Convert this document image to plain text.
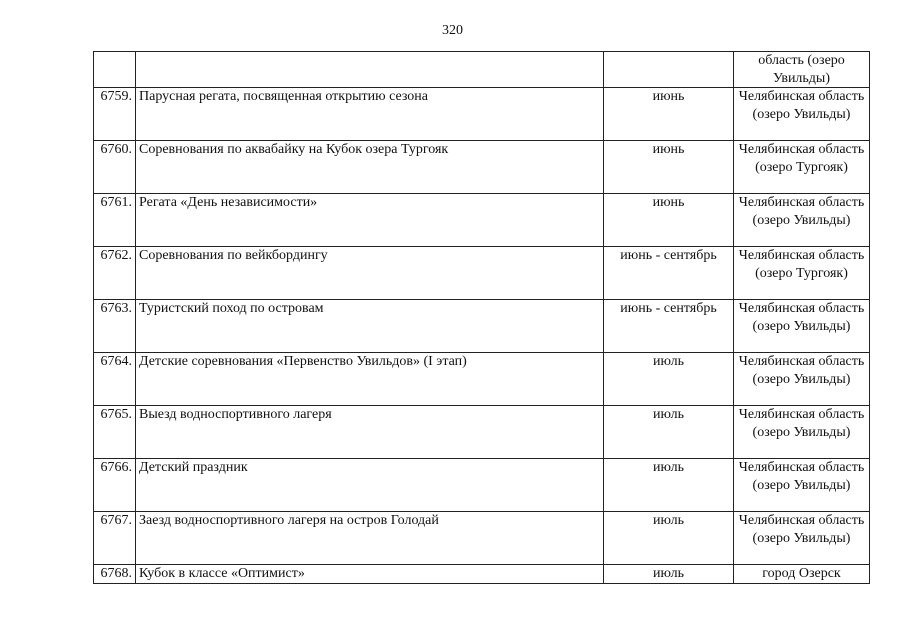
320
			область (озеро Увильды)
6759.	Парусная регата, посвященная открытию сезона	июнь	Челябинская область (озеро Увильды)
6760.	Соревнования по аквабайку на Кубок озера Тургояк	июнь	Челябинская область (озеро Тургояк)
6761.	Регата «День независимости»	июнь	Челябинская область (озеро Увильды)
6762.	Соревнования по вейкбордингу	июнь - сентябрь	Челябинская область (озеро Тургояк)
6763.	Туристский поход по островам	июнь - сентябрь	Челябинская область (озеро Увильды)
6764.	Детские соревнования «Первенство Увильдов» (I этап)	июль	Челябинская область (озеро Увильды)
6765.	Выезд водноспортивного лагеря	июль	Челябинская область (озеро Увильды)
6766.	Детский праздник	июль	Челябинская область (озеро Увильды)
6767.	Заезд водноспортивного лагеря на остров Голодай	июль	Челябинская область (озеро Увильды)
6768.	Кубок в классе «Оптимист»	июль	город Озерск
